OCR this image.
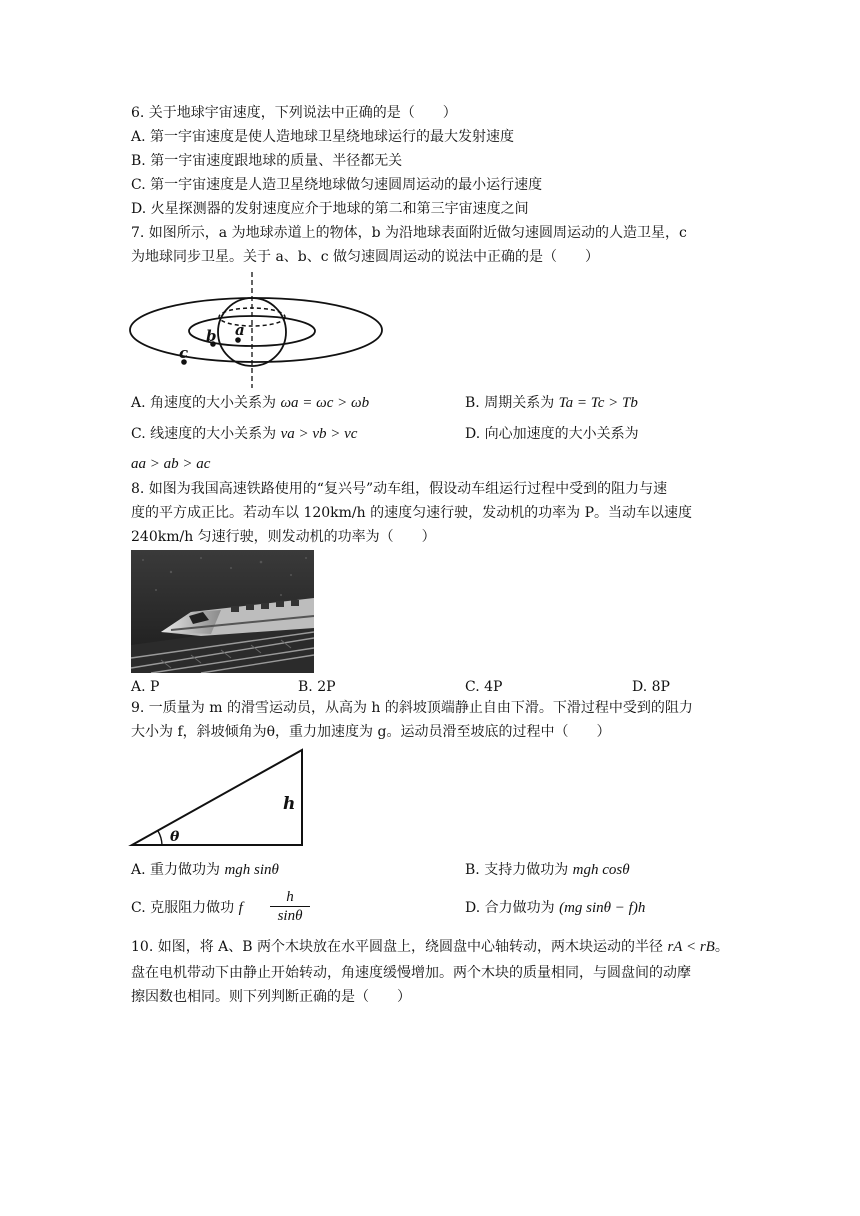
6. 关于地球宇宙速度，下列说法中正确的是（　　）
A. 第一宇宙速度是使人造地球卫星绕地球运行的最大发射速度
B. 第一宇宙速度跟地球的质量、半径都无关
C. 第一宇宙速度是人造卫星绕地球做匀速圆周运动的最小运行速度
D. 火星探测器的发射速度应介于地球的第二和第三宇宙速度之间
7. 如图所示，a 为地球赤道上的物体，b 为沿地球表面附近做匀速圆周运动的人造卫星，c
为地球同步卫星。关于 a、b、c 做匀速圆周运动的说法中正确的是（　　）
a
b
c
A. 角速度的大小关系为 ωa = ωc > ωb	B. 周期关系为 Ta = Tc > Tb
C. 线速度的大小关系为 va > vb > vc	D. 向心加速度的大小关系为
aa > ab > ac
8. 如图为我国高速铁路使用的“复兴号”动车组，假设动车组运行过程中受到的阻力与速
度的平方成正比。若动车以 120km/h 的速度匀速行驶，发动机的功率为 P。当动车以速度
240km/h 匀速行驶，则发动机的功率为（　　）
A. P	B. 2P	C. 4P	D. 8P
9. 一质量为 m 的滑雪运动员，从高为 h 的斜坡顶端静止自由下滑。下滑过程中受到的阻力
大小为 f，斜坡倾角为θ，重力加速度为 g。运动员滑至坡底的过程中（　　）
h
θ
A. 重力做功为 mgh sinθ	B. 支持力做功为 mgh cosθ
C. 克服阻力做功 f $\frac{h}{\sin\theta}$	D. 合力做功为 (mg sinθ − f)h
10. 如图，将 A、B 两个木块放在水平圆盘上，绕圆盘中心轴转动，两木块运动的半径 rA < rB。
盘在电机带动下由静止开始转动，角速度缓慢增加。两个木块的质量相同，与圆盘间的动摩
擦因数也相同。则下列判断正确的是（　　）
